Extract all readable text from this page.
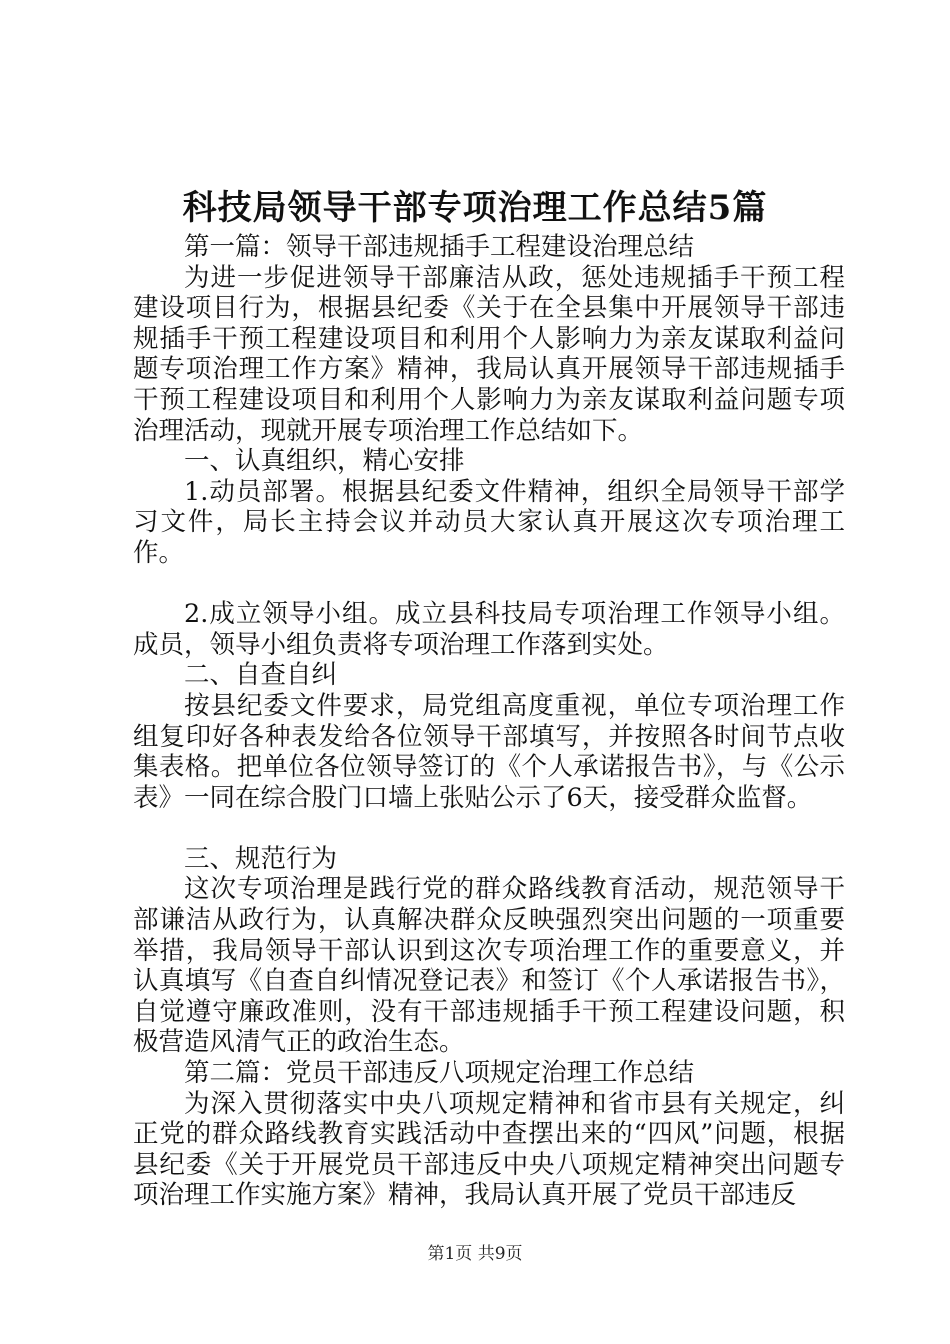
科技局领导干部专项治理工作总结5篇

第一篇：领导干部违规插手工程建设治理总结

为进一步促进领导干部廉洁从政，惩处违规插手干预工程建设项目行为，根据县纪委《关于在全县集中开展领导干部违规插手干预工程建设项目和利用个人影响力为亲友谋取利益问题专项治理工作方案》精神，我局认真开展领导干部违规插手干预工程建设项目和利用个人影响力为亲友谋取利益问题专项治理活动，现就开展专项治理工作总结如下。

一、认真组织，精心安排

1.动员部署。根据县纪委文件精神，组织全局领导干部学习文件，局长主持会议并动员大家认真开展这次专项治理工作。

2.成立领导小组。成立县科技局专项治理工作领导小组。成员，领导小组负责将专项治理工作落到实处。

二、自查自纠

按县纪委文件要求，局党组高度重视，单位专项治理工作组复印好各种表发给各位领导干部填写，并按照各时间节点收集表格。把单位各位领导签订的《个人承诺报告书》，与《公示表》一同在综合股门口墙上张贴公示了6天，接受群众监督。

三、规范行为

这次专项治理是践行党的群众路线教育活动，规范领导干部谦洁从政行为，认真解决群众反映强烈突出问题的一项重要举措，我局领导干部认识到这次专项治理工作的重要意义，并认真填写《自查自纠情况登记表》和签订《个人承诺报告书》，自觉遵守廉政准则，没有干部违规插手干预工程建设问题，积极营造风清气正的政治生态。

第二篇：党员干部违反八项规定治理工作总结

为深入贯彻落实中央八项规定精神和省市县有关规定，纠正党的群众路线教育实践活动中查摆出来的“四风”问题，根据县纪委《关于开展党员干部违反中央八项规定精神突出问题专项治理工作实施方案》精神，我局认真开展了党员干部违反

第1页 共9页
